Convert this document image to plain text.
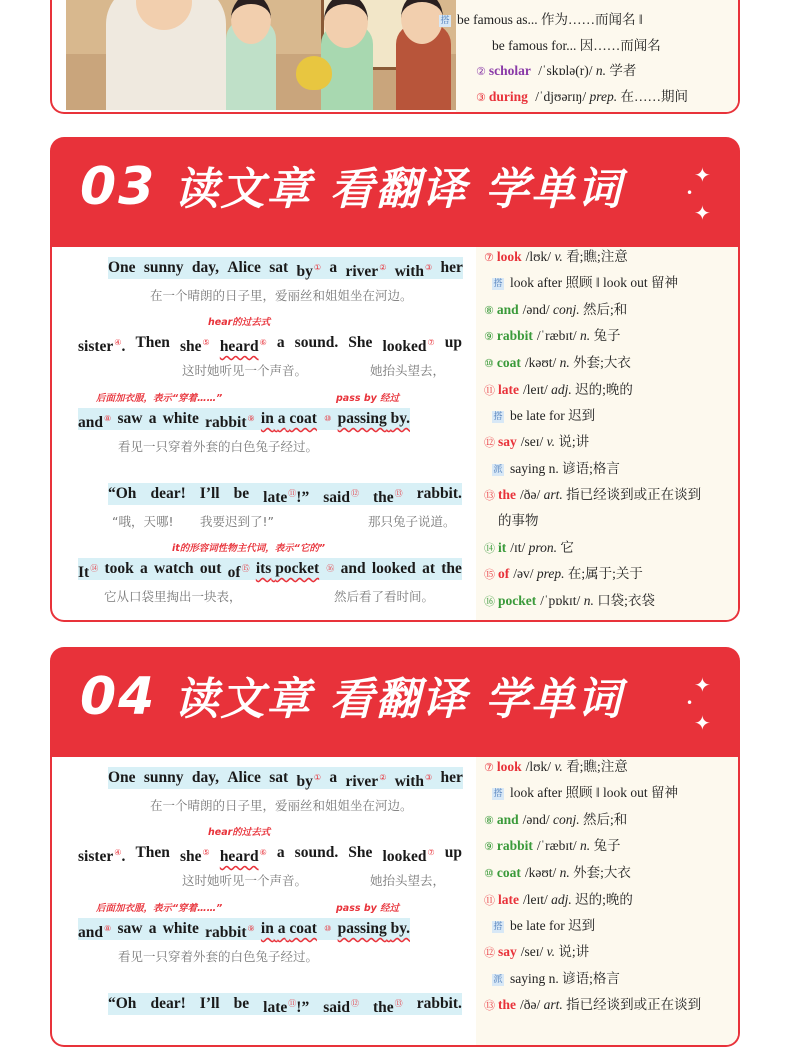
搭 be famous as... 作为……而闻名 ‖
be famous for... 因……而闻名
② scholar /ˈskɒlə(r)/ n. 学者
③ during /ˈdjʊərɪŋ/ prep. 在……期间
03 读文章 看翻译 学单词	✦
•
✦
One sunny day, Alice sat by① a river② with③ her
在一个晴朗的日子里，爱丽丝和姐姐坐在河边。
hear的过去式
sister④. Then she⑤ heard⑥ a sound. She looked⑦ up
这时她听见一个声音。	她抬头望去，
后面加衣服，表示“穿着……”	pass by 经过
and⑧ saw a white rabbit⑨ in a coat ⑩ passing by.
看见一只穿着外套的白色兔子经过。
“Oh dear! I’ll be late⑪!” said⑫ the⑬ rabbit.
“哦，天哪! 我要迟到了!”	那只兔子说道。
it的形容词性物主代词，表示“它的”
It⑭ took a watch out of⑮ its pocket ⑯ and looked at the
它从口袋里掏出一块表，	然后看了看时间。
⑦ look /lʊk/ v. 看;瞧;注意
搭 look after 照顾 ‖ look out 留神
⑧ and /ənd/ conj. 然后;和
⑨ rabbit /ˈræbɪt/ n. 兔子
⑩ coat /kəʊt/ n. 外套;大衣
⑪ late /leɪt/ adj. 迟的;晚的
搭 be late for 迟到
⑫ say /seɪ/ v. 说;讲
派 saying n. 谚语;格言
⑬ the /ðə/ art. 指已经谈到或正在谈到
的事物
⑭ it /ɪt/ pron. 它
⑮ of /əv/ prep. 在;属于;关于
⑯ pocket /ˈpɒkɪt/ n. 口袋;衣袋
04 读文章 看翻译 学单词	✦
•
✦
One sunny day, Alice sat by① a river② with③ her
在一个晴朗的日子里，爱丽丝和姐姐坐在河边。
hear的过去式
sister④. Then she⑤ heard⑥ a sound. She looked⑦ up
这时她听见一个声音。	她抬头望去，
后面加衣服，表示“穿着……”	pass by 经过
and⑧ saw a white rabbit⑨ in a coat ⑩ passing by.
看见一只穿着外套的白色兔子经过。
“Oh dear! I’ll be late⑪!” said⑫ the⑬ rabbit.
⑦ look /lʊk/ v. 看;瞧;注意
搭 look after 照顾 ‖ look out 留神
⑧ and /ənd/ conj. 然后;和
⑨ rabbit /ˈræbɪt/ n. 兔子
⑩ coat /kəʊt/ n. 外套;大衣
⑪ late /leɪt/ adj. 迟的;晚的
搭 be late for 迟到
⑫ say /seɪ/ v. 说;讲
派 saying n. 谚语;格言
⑬ the /ðə/ art. 指已经谈到或正在谈到
